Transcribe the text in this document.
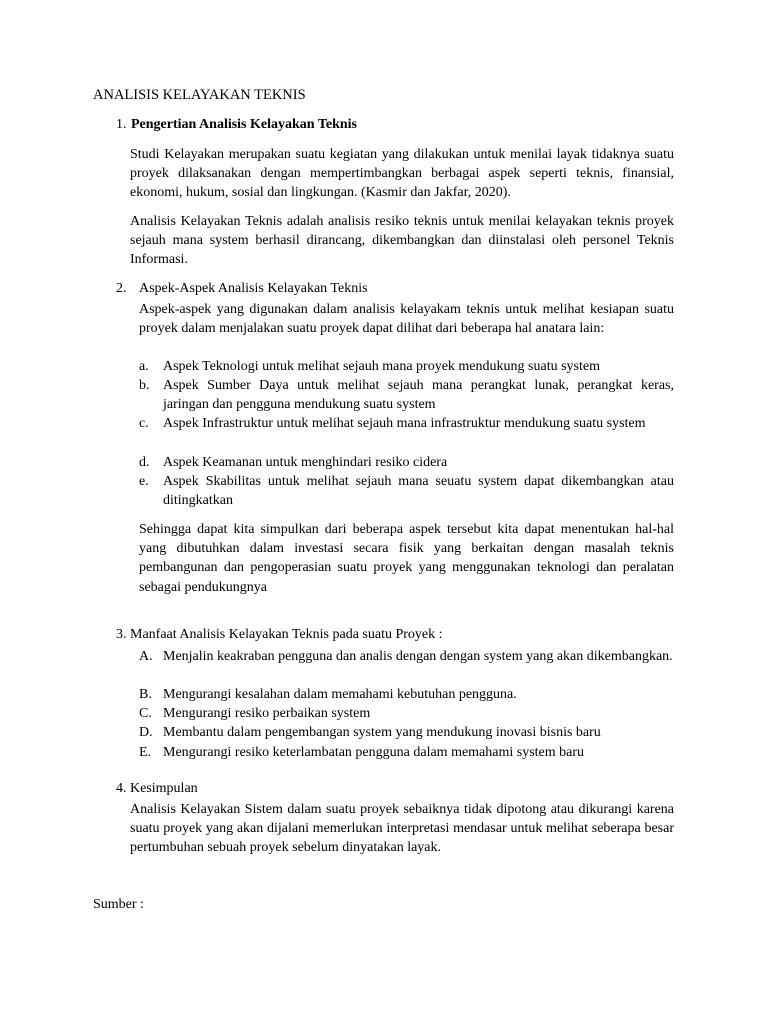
ANALISIS KELAYAKAN TEKNIS
1. Pengertian Analisis Kelayakan Teknis
Studi Kelayakan merupakan suatu kegiatan yang dilakukan untuk menilai layak tidaknya suatu proyek dilaksanakan dengan mempertimbangkan berbagai aspek seperti teknis, finansial, ekonomi, hukum, sosial dan lingkungan. (Kasmir dan Jakfar, 2020).
Analisis Kelayakan Teknis adalah analisis resiko teknis untuk menilai kelayakan teknis proyek sejauh mana system berhasil dirancang, dikembangkan dan diinstalasi oleh personel Teknis Informasi.
2. Aspek-Aspek Analisis Kelayakan Teknis
Aspek-aspek yang digunakan dalam analisis kelayakam teknis untuk melihat kesiapan suatu proyek dalam menjalakan suatu proyek dapat dilihat dari beberapa hal anatara lain:
a.	Aspek Teknologi untuk melihat sejauh mana proyek mendukung suatu system
b. Aspek Sumber Daya untuk melihat sejauh mana perangkat lunak, perangkat keras, jaringan dan pengguna mendukung suatu system
c.	Aspek Infrastruktur untuk melihat sejauh mana infrastruktur mendukung suatu system
d. Aspek Keamanan untuk menghindari resiko cidera
e.	Aspek Skabilitas untuk melihat sejauh mana seuatu system dapat dikembangkan atau ditingkatkan
Sehingga dapat kita simpulkan dari beberapa aspek tersebut kita dapat menentukan hal-hal yang dibutuhkan dalam investasi secara fisik yang berkaitan dengan masalah teknis pembangunan dan pengoperasian suatu proyek yang menggunakan teknologi dan peralatan sebagai pendukungnya
3. Manfaat Analisis Kelayakan Teknis pada suatu Proyek :
A. Menjalin keakraban pengguna dan analis dengan dengan system yang akan dikembangkan.
B. Mengurangi kesalahan dalam memahami kebutuhan pengguna.
C. Mengurangi resiko perbaikan system
D. Membantu dalam pengembangan system yang mendukung inovasi bisnis baru
E. Mengurangi resiko keterlambatan pengguna dalam memahami system baru
4. Kesimpulan
Analisis Kelayakan Sistem dalam suatu proyek sebaiknya tidak dipotong atau dikurangi karena suatu proyek yang akan dijalani memerlukan interpretasi mendasar untuk melihat seberapa besar pertumbuhan sebuah proyek sebelum dinyatakan layak.
Sumber :
